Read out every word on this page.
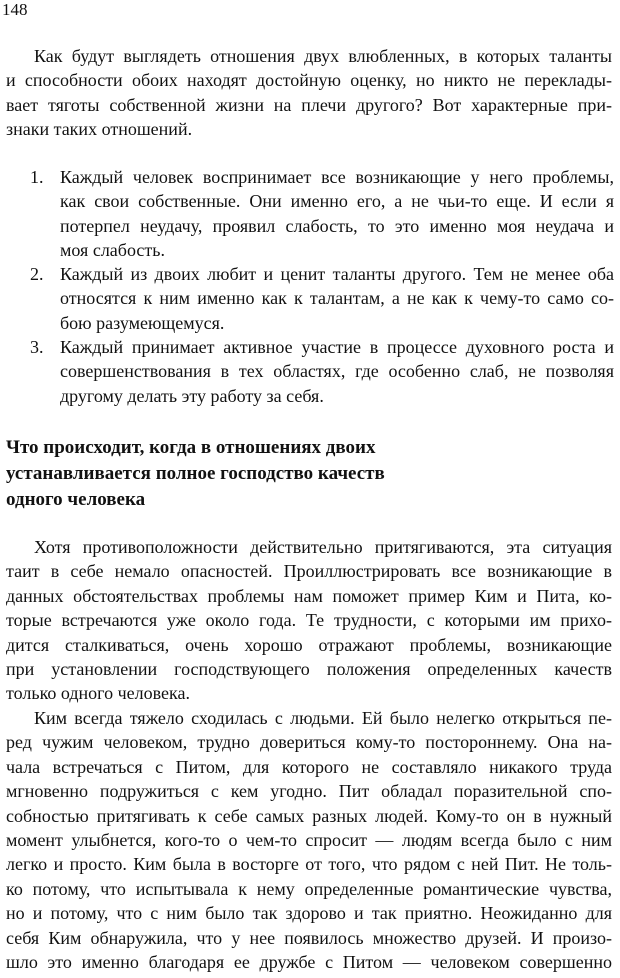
148
Как будут выглядеть отношения двух влюбленных, в которых таланты
и способности обоих находят достойную оценку, но никто не переклады-
вает тяготы собственной жизни на плечи другого? Вот характерные при-
знаки таких отношений.
1. Каждый человек воспринимает все возникающие у него проблемы,
как свои собственные. Они именно его, а не чьи-то еще. И если я
потерпел неудачу, проявил слабость, то это именно моя неудача и
моя слабость.
2. Каждый из двоих любит и ценит таланты другого. Тем не менее оба
относятся к ним именно как к талантам, а не как к чему-то само со-
бою разумеющемуся.
3. Каждый принимает активное участие в процессе духовного роста и
совершенствования в тех областях, где особенно слаб, не позволяя
другому делать эту работу за себя.
Что происходит, когда в отношениях двоих
устанавливается полное господство качеств
одного человека
Хотя противоположности действительно притягиваются, эта ситуация
таит в себе немало опасностей. Проиллюстрировать все возникающие в
данных обстоятельствах проблемы нам поможет пример Ким и Пита, ко-
торые встречаются уже около года. Те трудности, с которыми им прихо-
дится сталкиваться, очень хорошо отражают проблемы, возникающие
при установлении господствующего положения определенных качеств
только одного человека.
Ким всегда тяжело сходилась с людьми. Ей было нелегко открыться пе-
ред чужим человеком, трудно довериться кому-то постороннему. Она на-
чала встречаться с Питом, для которого не составляло никакого труда
мгновенно подружиться с кем угодно. Пит обладал поразительной спо-
собностью притягивать к себе самых разных людей. Кому-то он в нужный
момент улыбнется, кого-то о чем-то спросит — людям всегда было с ним
легко и просто. Ким была в восторге от того, что рядом с ней Пит. Не толь-
ко потому, что испытывала к нему определенные романтические чувства,
но и потому, что с ним было так здорово и так приятно. Неожиданно для
себя Ким обнаружила, что у нее появилось множество друзей. И произо-
шло это именно благодаря ее дружбе с Питом — человеком совершенно
